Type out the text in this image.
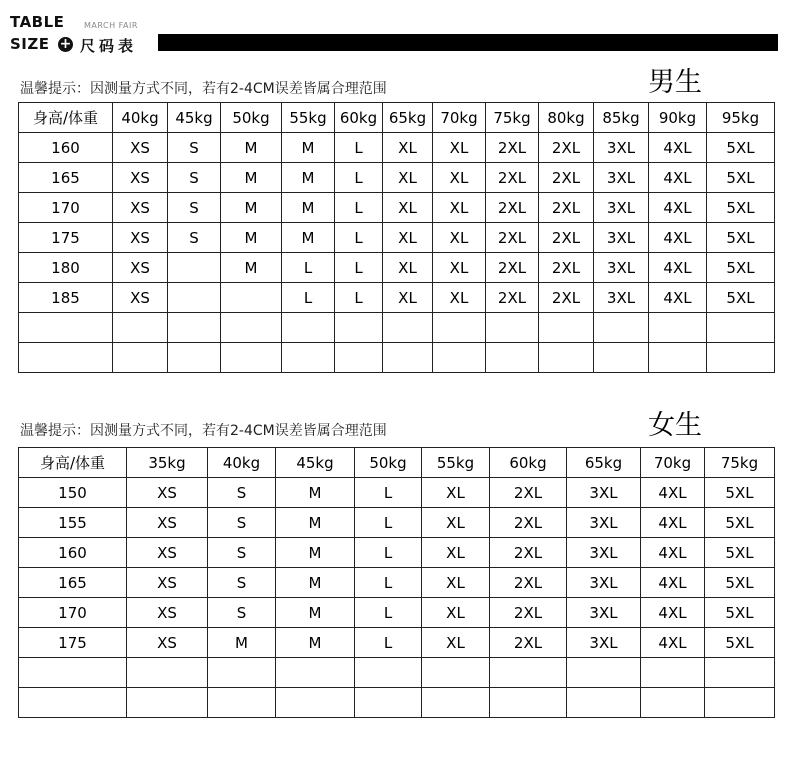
TABLE MARCH FAIR
SIZE + 尺码表
温馨提示：因测量方式不同，若有2-4CM误差皆属合理范围	男生
身高/体重	40kg	45kg	50kg	55kg	60kg	65kg	70kg	75kg	80kg	85kg	90kg	95kg
160	XS	S	M	M	L	XL	XL	2XL	2XL	3XL	4XL	5XL
165	XS	S	M	M	L	XL	XL	2XL	2XL	3XL	4XL	5XL
170	XS	S	M	M	L	XL	XL	2XL	2XL	3XL	4XL	5XL
175	XS	S	M	M	L	XL	XL	2XL	2XL	3XL	4XL	5XL
180	XS		M	L	L	XL	XL	2XL	2XL	3XL	4XL	5XL
185	XS			L	L	XL	XL	2XL	2XL	3XL	4XL	5XL

温馨提示：因测量方式不同，若有2-4CM误差皆属合理范围	女生
身高/体重	35kg	40kg	45kg	50kg	55kg	60kg	65kg	70kg	75kg
150	XS	S	M	L	XL	2XL	3XL	4XL	5XL
155	XS	S	M	L	XL	2XL	3XL	4XL	5XL
160	XS	S	M	L	XL	2XL	3XL	4XL	5XL
165	XS	S	M	L	XL	2XL	3XL	4XL	5XL
170	XS	S	M	L	XL	2XL	3XL	4XL	5XL
175	XS	M	M	L	XL	2XL	3XL	4XL	5XL
